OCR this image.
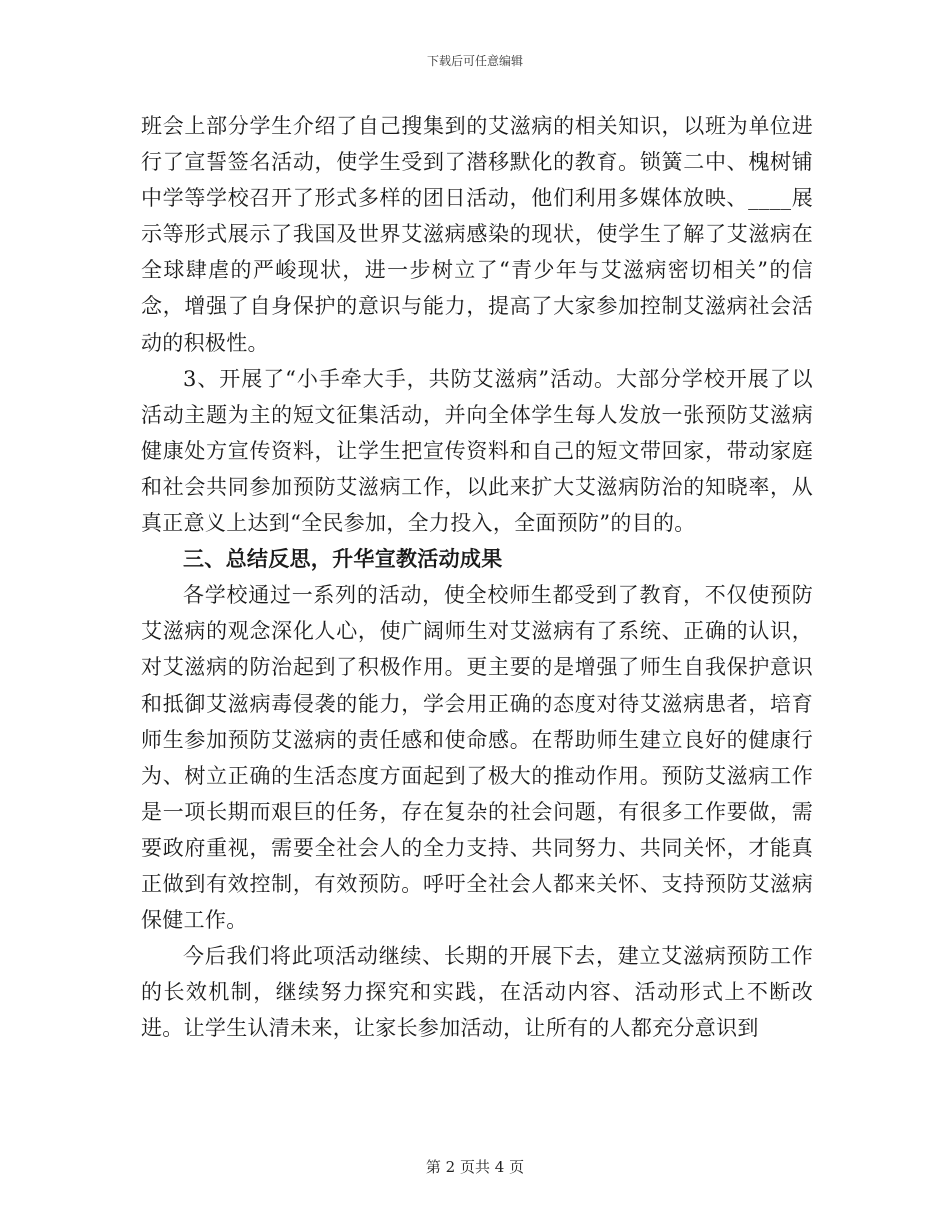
下载后可任意编辑

班会上部分学生介绍了自己搜集到的艾滋病的相关知识，以班为单位进行了宣誓签名活动，使学生受到了潜移默化的教育。锁簧二中、槐树铺中学等学校召开了形式多样的团日活动，他们利用多媒体放映、____展示等形式展示了我国及世界艾滋病感染的现状，使学生了解了艾滋病在全球肆虐的严峻现状，进一步树立了“青少年与艾滋病密切相关”的信念，增强了自身保护的意识与能力，提高了大家参加控制艾滋病社会活动的积极性。

3、开展了“小手牵大手，共防艾滋病”活动。大部分学校开展了以活动主题为主的短文征集活动，并向全体学生每人发放一张预防艾滋病健康处方宣传资料，让学生把宣传资料和自己的短文带回家，带动家庭和社会共同参加预防艾滋病工作，以此来扩大艾滋病防治的知晓率，从真正意义上达到“全民参加，全力投入，全面预防”的目的。

三、总结反思，升华宣教活动成果

各学校通过一系列的活动，使全校师生都受到了教育，不仅使预防艾滋病的观念深化人心，使广阔师生对艾滋病有了系统、正确的认识，对艾滋病的防治起到了积极作用。更主要的是增强了师生自我保护意识和抵御艾滋病毒侵袭的能力，学会用正确的态度对待艾滋病患者，培育师生参加预防艾滋病的责任感和使命感。在帮助师生建立良好的健康行为、树立正确的生活态度方面起到了极大的推动作用。预防艾滋病工作是一项长期而艰巨的任务，存在复杂的社会问题，有很多工作要做，需要政府重视，需要全社会人的全力支持、共同努力、共同关怀，才能真正做到有效控制，有效预防。呼吁全社会人都来关怀、支持预防艾滋病保健工作。

今后我们将此项活动继续、长期的开展下去，建立艾滋病预防工作的长效机制，继续努力探究和实践，在活动内容、活动形式上不断改进。让学生认清未来，让家长参加活动，让所有的人都充分意识到

第 2 页共 4 页
